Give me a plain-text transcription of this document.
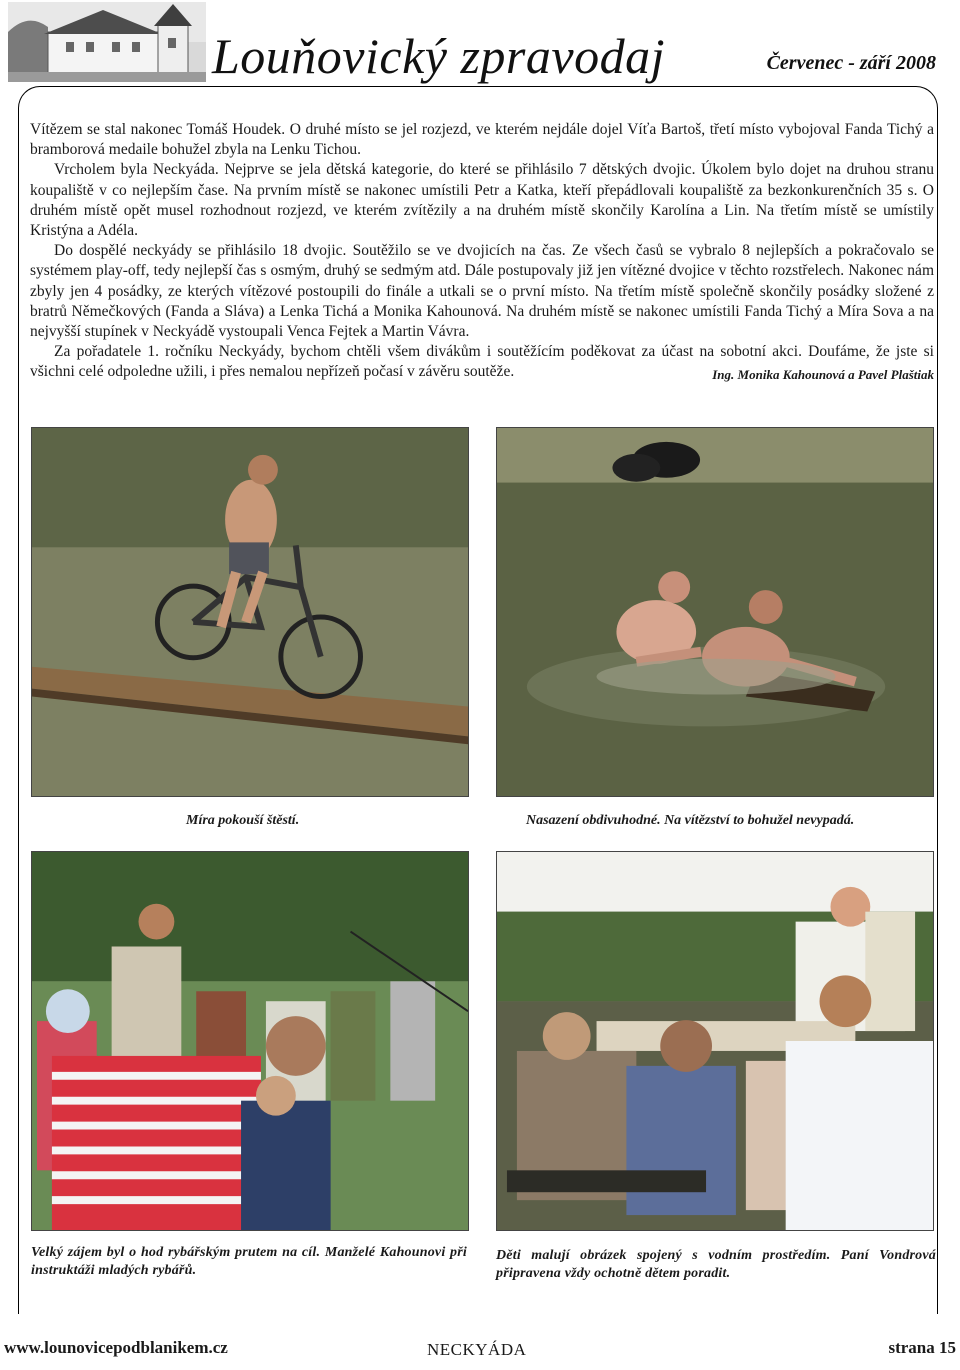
Louňovický zpravodaj	Červenec - září 2008

Vítězem se stal nakonec Tomáš Houdek. O druhé místo se jel rozjezd, ve kterém nejdále dojel Víťa Bartoš, třetí místo vybojoval Fanda Tichý a bramborová medaile bohužel zbyla na Lenku Tichou.

Vrcholem byla Neckyáda. Nejprve se jela dětská kategorie, do které se přihlásilo 7 dětských dvojic. Úkolem bylo dojet na druhou stranu koupaliště v co nejlepším čase. Na prvním místě se nakonec umístili Petr a Katka, kteří přepádlovali koupaliště za bezkonkurenčních 35 s. O druhém místě opět musel rozhodnout rozjezd, ve kterém zvítězily a na druhém místě skončily Karolína a Lin. Na třetím místě se umístily Kristýna a Adéla.

Do dospělé neckyády se přihlásilo 18 dvojic. Soutěžilo se ve dvojicích na čas. Ze všech časů se vybralo 8 nejlepších a pokračovalo se systémem play-off, tedy nejlepší čas s osmým, druhý se sedmým atd. Dále postupovaly již jen vítězné dvojice v těchto rozstřelech. Nakonec nám zbyly jen 4 posádky, ze kterých vítězové postoupili do finále a utkali se o první místo. Na třetím místě společně skončily posádky složené z bratrů Němečkových (Fanda a Sláva) a Lenka Tichá a Monika Kahounová. Na druhém místě se nakonec umístili Fanda Tichý a Míra Sova a na nejvyšší stupínek v Neckyádě vystoupali Venca Fejtek a Martin Vávra.

Za pořadatele 1. ročníku Neckyády, bychom chtěli všem divákům i soutěžícím poděkovat za účast na sobotní akci. Doufáme, že jste si všichni celé odpoledne užili, i přes nemalou nepřízeň počasí v závěru soutěže.	Ing. Monika Kahounová a Pavel Plaštiak

Míra pokouší štěstí.	Nasazení obdivuhodné. Na vítězství to bohužel nevypadá.
Velký zájem byl o hod rybářským prutem na cíl. Manželé Kahounovi při instruktáži mladých rybářů.
Děti malují obrázek spojený s vodním prostředím. Paní Vondrová připravena vždy ochotně dětem poradit.
www.lounovicepodblanikem.cz	NECKYÁDA	strana 15
